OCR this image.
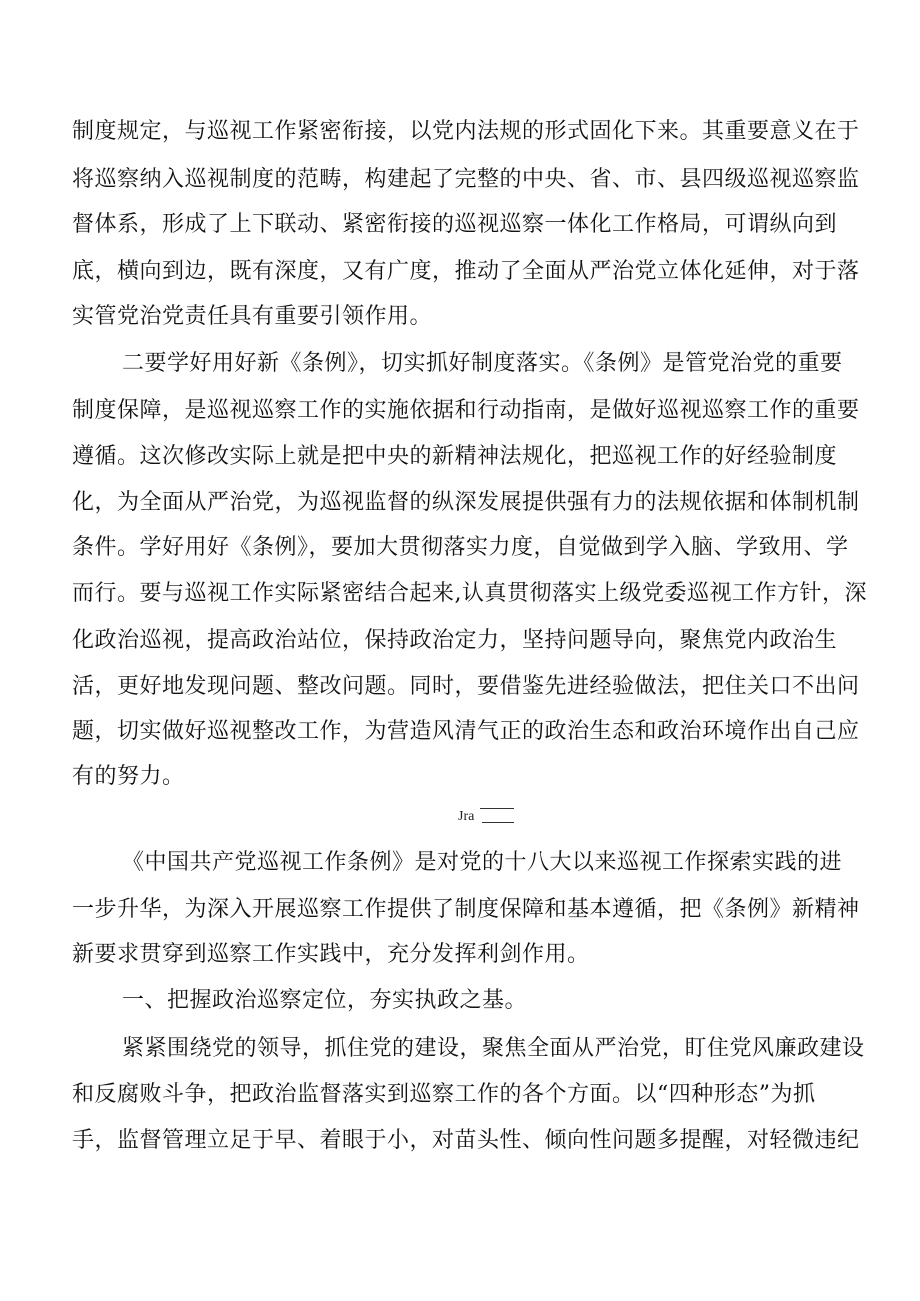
制度规定，与巡视工作紧密衔接，以党内法规的形式固化下来。其重要意义在于
将巡察纳入巡视制度的范畴，构建起了完整的中央、省、市、县四级巡视巡察监
督体系，形成了上下联动、紧密衔接的巡视巡察一体化工作格局，可谓纵向到
底，横向到边，既有深度，又有广度，推动了全面从严治党立体化延伸，对于落
实管党治党责任具有重要引领作用。
二要学好用好新《条例》，切实抓好制度落实。《条例》是管党治党的重要
制度保障，是巡视巡察工作的实施依据和行动指南，是做好巡视巡察工作的重要
遵循。这次修改实际上就是把中央的新精神法规化，把巡视工作的好经验制度
化，为全面从严治党，为巡视监督的纵深发展提供强有力的法规依据和体制机制
条件。学好用好《条例》，要加大贯彻落实力度，自觉做到学入脑、学致用、学
而行。要与巡视工作实际紧密结合起来,认真贯彻落实上级党委巡视工作方针，深
化政治巡视，提高政治站位，保持政治定力，坚持问题导向，聚焦党内政治生
活，更好地发现问题、整改问题。同时，要借鉴先进经验做法，把住关口不出问
题，切实做好巡视整改工作，为营造风清气正的政治生态和政治环境作出自己应
有的努力。
Jra
《中国共产党巡视工作条例》是对党的十八大以来巡视工作探索实践的进
一步升华，为深入开展巡察工作提供了制度保障和基本遵循，把《条例》新精神
新要求贯穿到巡察工作实践中，充分发挥利剑作用。
一、把握政治巡察定位，夯实执政之基。
紧紧围绕党的领导，抓住党的建设，聚焦全面从严治党，盯住党风廉政建设
和反腐败斗争，把政治监督落实到巡察工作的各个方面。以“四种形态”为抓
手，监督管理立足于早、着眼于小，对苗头性、倾向性问题多提醒，对轻微违纪
